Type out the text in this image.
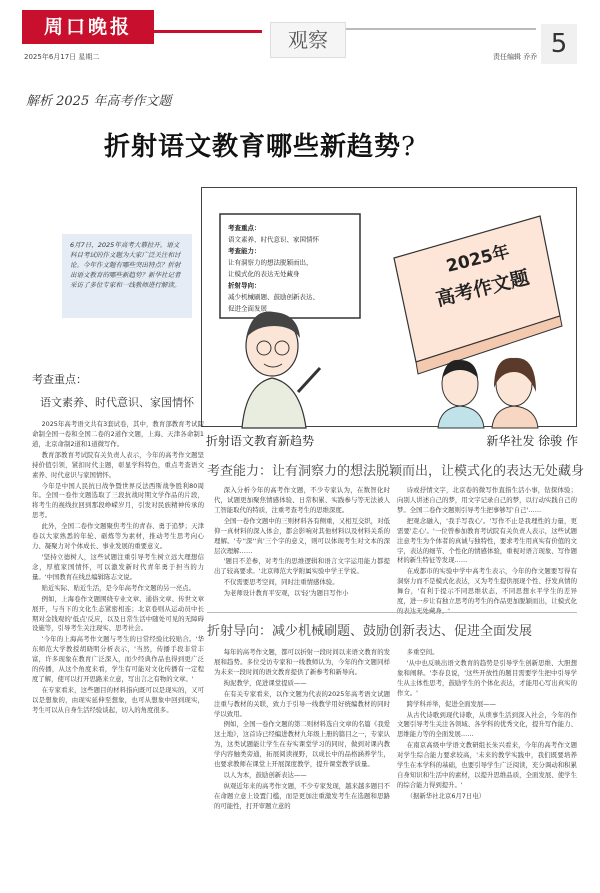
周口晚报
2025年6月17日 星期二
观察
责任编辑 乔乔 5
解析 2025 年高考作文题
折射语文教育哪些新趋势?
6月7日，2025年高考大幕拉开。语文科目考试的作文题为大家广泛关注和讨论。今年作文题有哪些突出特点？折射出语文教育的哪些新趋势？新华社记者采访了多位专家和一线教师进行解读。
考查重点：
语文素养、时代意识、家国情怀
考查重点：
语文素养、时代意识、家国情怀
考查能力：
让有洞察力的想法脱颖而出，
让模式化的表达无处藏身
折射导向：
减少机械刷题、鼓励创新表达、
促进全面发展
2025年
高考作文题
折射语文教育新趋势	新华社发 徐骏 作

2025年高考语文共有3套试卷，其中，教育部教育考试院命制全国一卷和全国二卷的2道作文题，上海、天津各命制1道，北京命制2道和1道微写作。

教育部教育考试院有关负责人表示，今年的高考作文题坚持价值引领，紧扣时代主题，彰显学科特色，重点考查语文素养、时代意识与家国情怀。

今年是中国人民抗日战争暨世界反法西斯战争胜利80周年。全国一卷作文题选取了三段抗战时期文学作品的片段，将考生的视线拉回到那段峥嵘岁月，引发对民族精神传承的思考。

此外，全国二卷作文题聚焦考生的青春、勇于追梦；天津卷以大家熟悉的年轮、砺炼等为素材，推动考生思考向心力、凝聚力对个体成长、事业发展的重要意义。

'坚持立德树人，这些试题注重引导考生树立远大理想信念，厚植家国情怀，可以激发新时代青年勇于担当的力量。'中国教育在线总编辑陈志文说。

贴近实际、贴近生活，是今年高考作文题的另一亮点。

例如，上海卷作文题围绕专业文章、通俗文章、传世文章展开，与当下的文化生态紧密相连；北京卷则从运动员中长期对金钱观的'低点'反应，以及日常生活中随处可见的无障碍设施等，引导考生关注现实、思考社会。

'今年的上海高考作文题与考生的日常经验比较贴合。'华东师范大学教授胡晓明分析表示，'当然，传播手段非常丰富，许多现象在教育广泛深入，而少经典作品也得到更广泛的传播，从这个角度来看，学生有可能对文化传播有一定程度了解，使可以打开思路来立意，写出言之有物的文章。'

在专家看来，这些题目的材料指向既可以是现实的，又可以是想象的，由现实延伸至想象，也可从想象中回到现实，考生可以从自身生活经验谈起，切入的角度很多。

考查能力：让有洞察力的想法脱颖而出，让模式化的表达无处藏身

深入分析今年的高考作文题，不少专家认为，在数智化时代，试题更加聚焦情感体验、日常积累、实践参与等无法被人工智能取代的特质，注重考查考生的思维深度。

全国一卷作文题中的三则材料各有侧重，又相互交织，对低仰一真材料的深入体会，都会影响对其他材料以及材料关系的理解。'专''深''真'三个字的意义，则可以体现考生对文本的深层次理解……

'题目不差参，对考生的思维逻辑和语言文字运用能力都提出了较高要求。'北京师范大学附属实验中学王学说。

不仅需要思考空间，同时注重情感体验。

为老师设计教育平安观，以'轻'为题目写作小

诗或抒情文字，北京卷的微写作直指生活小事，钻探体验；向别人讲述自己的梦，用文字记录自己的梦，以行动实践自己的梦。全国二卷作文题则引导考生把事够写'自己'……

把观念融入，'我手写我心'。'写作不止是我理性的力量，更需要'走心'。'一位曾参加教育考试院有关负责人表示，这些试题注意考生为个体者的真诚与独特性，要求考生用真实有价值的文字，表达的细节、个性化的情感体验，重视对语言现象、写作题材的新生特征等发现……

在成都市的实验中学中高考生表示，今年的作文题要写得有洞察力而不是模式化表达，又为考生提供展现个性、抒发真情的舞台，'有利于提示不同思维状态，不同思想水平学生的差异度，进一步让有独立思考的考生的作品更加脱颖而出，让模式化

折射导向：减少机械刷题、鼓励创新表达、促进全面发展

每年的高考作文题，都可以折射一段时间以来语文教育的发展和趋势。多位受访专家和一线教师认为，今年的作文题同样为未来一段时间的语文教育提供了新参考和新导向。

拘泥教学，促进课堂提质——

在有关专家看来，以作文题为代表的2025年高考语文试题注重与教材的关联，致力于引导一线教学用好统编教材的同时学以致用。

例如，全国一卷作文题的第二则材料选自文章的名篇《我爱这土地》，这首诗已经编进教材九年级上册的篇目之一，专家认为，这类试题能让学生在夯实课堂学习的同时，做到对课内教学内容触类旁通，拓展阅读视野，以成长中的品格涵养学生，也要求教师在课堂上开展深度教学，提升课堂教学质量。

以人为本，鼓励创新表达——

纵观近年来的高考作文题，不少专家发现，越来越多题目不在命题立意上设置门槛，而是更加注重激发考生在选题和思路的可能性，打开审题立意的

多重空间。

'从中也反映出语文教育的趋势是引导学生创新思维、大胆想象和阐释。'李春良说，'这些开放性的题目需要学生把中引导学生从主体性思考，鼓励学生的个体化表达，才能用心写出真实的作文。'

跨学科并举，促进全面发展——

从古代诗歌到现代诗歌，从琐事生活到深入社会，今年的作文题引导考生关注各领域、各学科的优秀文化，提升写作能力、思维能力等的全面发展……

在南京高级中学语文教研组长朱兴看来，今年的高考作文题对学生综合能力要求较高，'未来的教学实践中，我们既要培养学生在本学科的基础，也要引导学生广泛阅读，充分调动和积累自身知识和生活中的素材，以提升思维品质，全面发展、使学生的综合能力得到提升。'

（据新华社北京6月7日电）
